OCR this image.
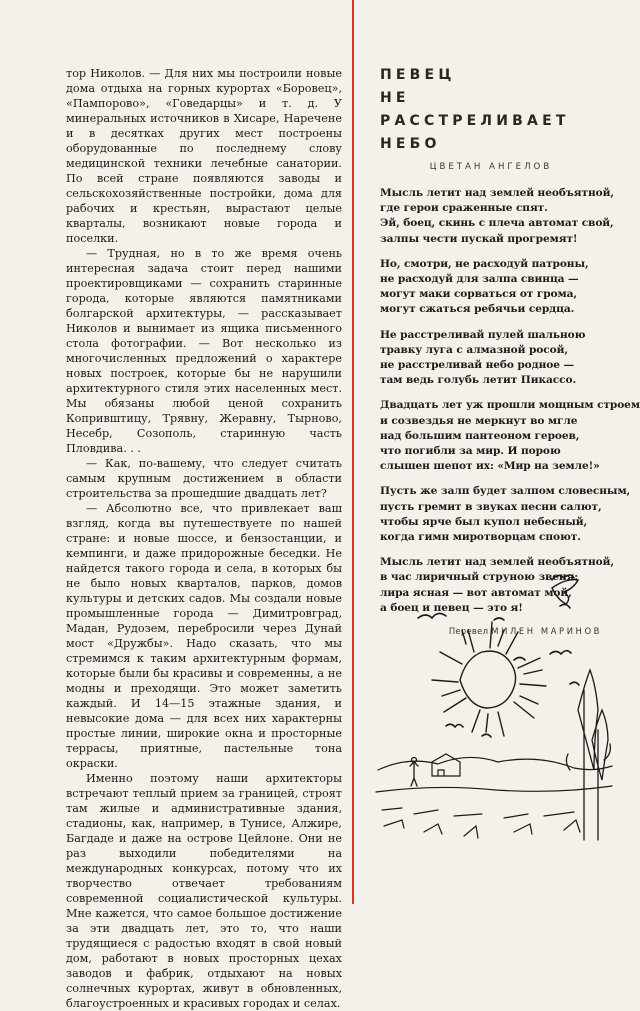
тор Николов. — Для них мы построили новые дома отдыха на горных курортах «Боровец», «Пампорово», «Говедарцы» и т. д. У минеральных источников в Хисаре, Наречене и в десятках других мест построены оборудованные по последнему слову медицинской техники лечебные санатории. По всей стране появляются заводы и сельскохозяйственные постройки, дома для рабочих и крестьян, вырастают целые кварталы, возникают новые города и поселки.

— Трудная, но в то же время очень интересная задача стоит перед нашими проектировщиками — сохранить старинные города, которые являются памятниками болгарской архитектуры, — рассказывает Николов и вынимает из ящика письменного стола фотографии. — Вот несколько из многочисленных предложений о характере новых построек, которые бы не нарушили архитектурного стиля этих населенных мест. Мы обязаны любой ценой сохранить Копривштицу, Трявну, Жеравну, Тырново, Несебр, Созополь, старинную часть Пловдива. . .

— Как, по-вашему, что следует считать самым крупным достижением в области строительства за прошедшие двадцать лет?

— Абсолютно все, что привлекает ваш взгляд, когда вы путешествуете по нашей стране: и новые шоссе, и бензостанции, и кемпинги, и даже придорожные беседки. Не найдется такого города и села, в которых бы не было новых кварталов, парков, домов культуры и детских садов. Мы создали новые промышленные города — Димитровград, Мадан, Рудозем, перебросили через Дунай мост «Дружбы». Надо сказать, что мы стремимся к таким архитектурным формам, которые были бы красивы и современны, а не модны и преходящи. Это может заметить каждый. И 14—15 этажные здания, и невысокие дома — для всех них характерны простые линии, широкие окна и просторные террасы, приятные, пастельные тона окраски.

Именно поэтому наши архитекторы встречают теплый прием за границей, строят там жилые и административные здания, стадионы, как, например, в Тунисе, Алжире, Багдаде и даже на острове Цейлоне. Они не раз выходили победителями на международных конкурсах, потому что их творчество отвечает требованиям современной социалистической культуры. Мне кажется, что самое большое достижение за эти двадцать лет, это то, что наши трудящиеся с радостью входят в свой новый дом, работают в новых просторных цехах заводов и фабрик, отдыхают на новых солнечных курортах, живут в обновленных, благоустроенных и красивых городах и селах.

ПЕВЕЦ
НЕ РАССТРЕЛИВАЕТ
НЕБО
ЦВЕТАН АНГЕЛОВ
Мысль летит над землей необъятной,
где герои сраженные спят.
Эй, боец, скинь с плеча автомат свой,
залпы чести пускай прогремят!
Но, смотри, не расходуй патроны,
не расходуй для залпа свинца —
могут маки сорваться от грома,
могут сжаться ребячьи сердца.
Не расстреливай пулей шальною
травку луга с алмазной росой,
не расстреливай небо родное —
там ведь голубь летит Пикассо.
Двадцать лет уж прошли мощным строем
и созвездья не меркнут во мгле
над большим пантеоном героев,
что погибли за мир. И порою
слышен шепот их: «Мир на земле!»
Пусть же залп будет залпом словесным,
пусть гремит в звуках песни салют,
чтобы ярче был купол небесный,
когда гимн миротворцам споют.
Мысль летит над землей необъятной,
в час лиричный струною звеня:
лира ясная — вот автомат мой,
а боец и певец — это я!
Перевел МИЛЕН МАРИНОВ
